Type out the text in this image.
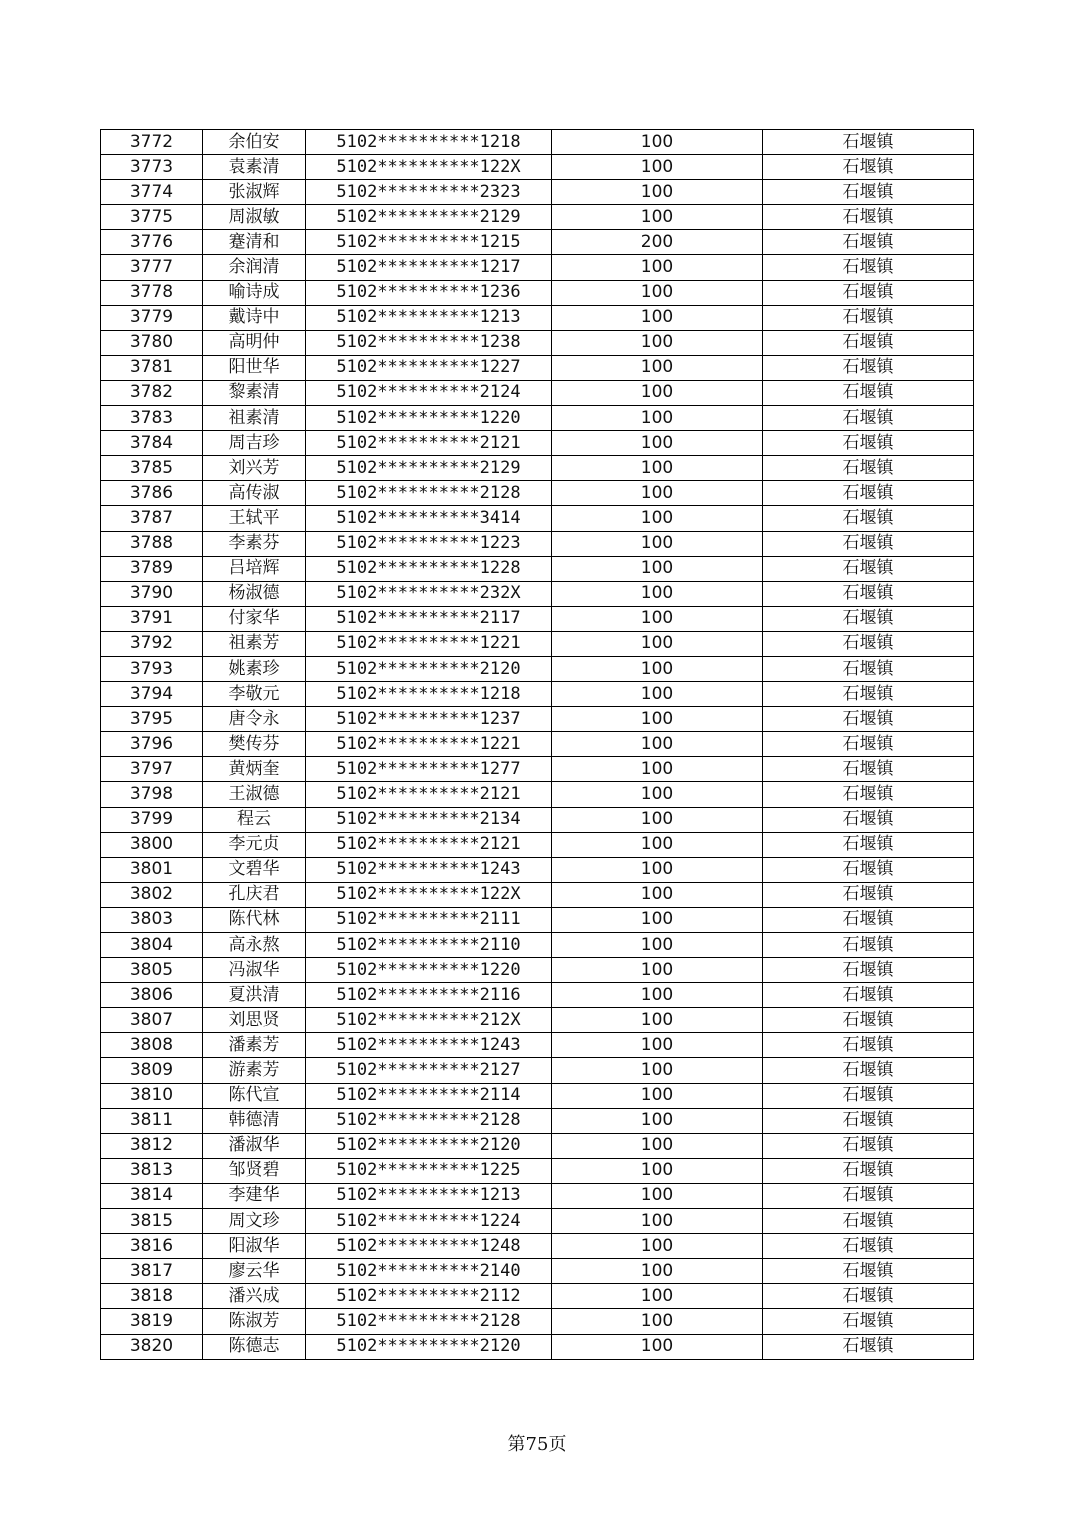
3772	余伯安	5102**********1218	100	石堰镇
3773	袁素清	5102**********122X	100	石堰镇
3774	张淑辉	5102**********2323	100	石堰镇
3775	周淑敏	5102**********2129	100	石堰镇
3776	蹇清和	5102**********1215	200	石堰镇
3777	余润清	5102**********1217	100	石堰镇
3778	喻诗成	5102**********1236	100	石堰镇
3779	戴诗中	5102**********1213	100	石堰镇
3780	高明仲	5102**********1238	100	石堰镇
3781	阳世华	5102**********1227	100	石堰镇
3782	黎素清	5102**********2124	100	石堰镇
3783	祖素清	5102**********1220	100	石堰镇
3784	周吉珍	5102**********2121	100	石堰镇
3785	刘兴芳	5102**********2129	100	石堰镇
3786	高传淑	5102**********2128	100	石堰镇
3787	王轼平	5102**********3414	100	石堰镇
3788	李素芬	5102**********1223	100	石堰镇
3789	吕培辉	5102**********1228	100	石堰镇
3790	杨淑德	5102**********232X	100	石堰镇
3791	付家华	5102**********2117	100	石堰镇
3792	祖素芳	5102**********1221	100	石堰镇
3793	姚素珍	5102**********2120	100	石堰镇
3794	李敬元	5102**********1218	100	石堰镇
3795	唐令永	5102**********1237	100	石堰镇
3796	樊传芬	5102**********1221	100	石堰镇
3797	黄炳奎	5102**********1277	100	石堰镇
3798	王淑德	5102**********2121	100	石堰镇
3799	程云	5102**********2134	100	石堰镇
3800	李元贞	5102**********2121	100	石堰镇
3801	文碧华	5102**********1243	100	石堰镇
3802	孔庆君	5102**********122X	100	石堰镇
3803	陈代林	5102**********2111	100	石堰镇
3804	高永熬	5102**********2110	100	石堰镇
3805	冯淑华	5102**********1220	100	石堰镇
3806	夏洪清	5102**********2116	100	石堰镇
3807	刘思贤	5102**********212X	100	石堰镇
3808	潘素芳	5102**********1243	100	石堰镇
3809	游素芳	5102**********2127	100	石堰镇
3810	陈代宣	5102**********2114	100	石堰镇
3811	韩德清	5102**********2128	100	石堰镇
3812	潘淑华	5102**********2120	100	石堰镇
3813	邹贤碧	5102**********1225	100	石堰镇
3814	李建华	5102**********1213	100	石堰镇
3815	周文珍	5102**********1224	100	石堰镇
3816	阳淑华	5102**********1248	100	石堰镇
3817	廖云华	5102**********2140	100	石堰镇
3818	潘兴成	5102**********2112	100	石堰镇
3819	陈淑芳	5102**********2128	100	石堰镇
3820	陈德志	5102**********2120	100	石堰镇
第75页
